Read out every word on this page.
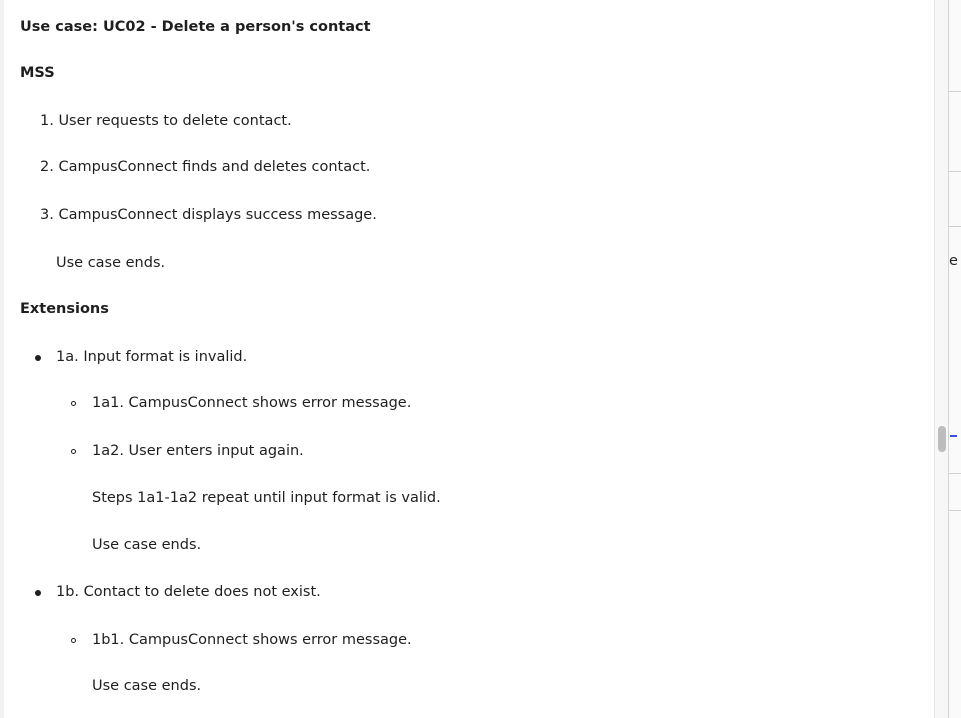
Use case: UC02 - Delete a person's contact
MSS
1. User requests to delete contact.
2. CampusConnect finds and deletes contact.
3. CampusConnect displays success message.
Use case ends.
Extensions
1a. Input format is invalid.
1a1. CampusConnect shows error message.
1a2. User enters input again.
Steps 1a1-1a2 repeat until input format is valid.
Use case ends.
1b. Contact to delete does not exist.
1b1. CampusConnect shows error message.
Use case ends.
e
